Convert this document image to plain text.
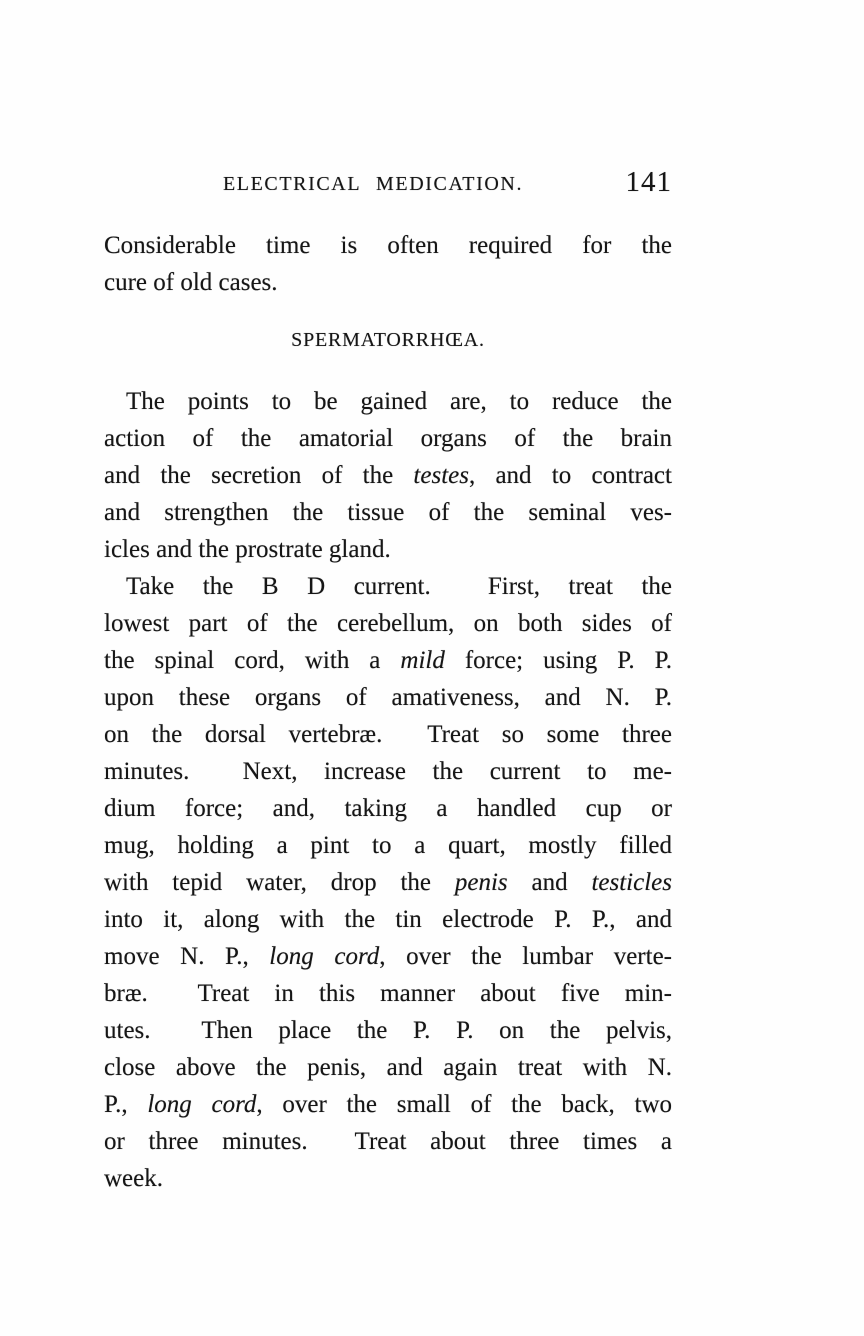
ELECTRICAL MEDICATION.	141
Considerable time is often required for the
cure of old cases.
SPERMATORRHŒA.
The points to be gained are, to reduce the
action of the amatorial organs of the brain
and the secretion of the testes, and to contract
and strengthen the tissue of the seminal ves-
icles and the prostrate gland.
Take the B D current.  First, treat the
lowest part of the cerebellum, on both sides of
the spinal cord, with a mild force; using P. P.
upon these organs of amativeness, and N. P.
on the dorsal vertebræ.  Treat so some three
minutes.  Next, increase the current to me-
dium force; and, taking a handled cup or
mug, holding a pint to a quart, mostly filled
with tepid water, drop the penis and testicles
into it, along with the tin electrode P. P., and
move N. P., long cord, over the lumbar verte-
bræ.  Treat in this manner about five min-
utes.  Then place the P. P. on the pelvis,
close above the penis, and again treat with N.
P., long cord, over the small of the back, two
or three minutes.  Treat about three times a
week.
